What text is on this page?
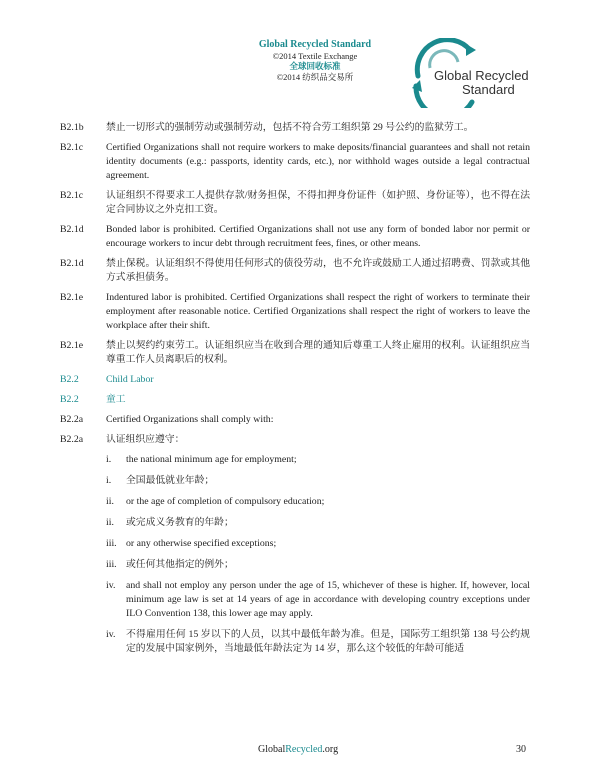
Global Recycled Standard
©2014 Textile Exchange
全球回收标准
©2014 纺织品交易所	Global Recycled
Standard
B2.1b	禁止一切形式的强制劳动或强制劳动，包括不符合劳工组织第 29 号公约的监狱劳工。
B2.1c	Certified Organizations shall not require workers to make deposits/financial guarantees and shall not retain identity documents (e.g.: passports, identity cards, etc.), nor withhold wages outside a legal contractual agreement.
B2.1c	认证组织不得要求工人提供存款/财务担保，不得扣押身份证件（如护照、身份证等），也不得在法定合同协议之外克扣工资。
B2.1d	Bonded labor is prohibited. Certified Organizations shall not use any form of bonded labor nor permit or encourage workers to incur debt through recruitment fees, fines, or other means.
B2.1d	禁止保税。认证组织不得使用任何形式的债役劳动，也不允许或鼓励工人通过招聘费、罚款或其他方式承担债务。
B2.1e	Indentured labor is prohibited. Certified Organizations shall respect the right of workers to terminate their employment after reasonable notice. Certified Organizations shall respect the right of workers to leave the workplace after their shift.
B2.1e	禁止以契约约束劳工。认证组织应当在收到合理的通知后尊重工人终止雇用的权利。认证组织应当尊重工作人员离职后的权利。
B2.2	Child Labor
B2.2	童工
B2.2a	Certified Organizations shall comply with:
B2.2a	认证组织应遵守：
i.	the national minimum age for employment;
i.	全国最低就业年龄；
ii.	or the age of completion of compulsory education;
ii.	或完成义务教育的年龄；
iii. or any otherwise specified exceptions;
iii. 或任何其他指定的例外；
iv.	and shall not employ any person under the age of 15, whichever of these is higher. If, however, local minimum age law is set at 14 years of age in accordance with developing country exceptions under ILO Convention 138, this lower age may apply.
iv.	不得雇用任何 15 岁以下的人员，以其中最低年龄为准。但是，国际劳工组织第 138 号公约规定的发展中国家例外，当地最低年龄法定为 14 岁，那么这个较低的年龄可能适
GlobalRecycled.org	30
